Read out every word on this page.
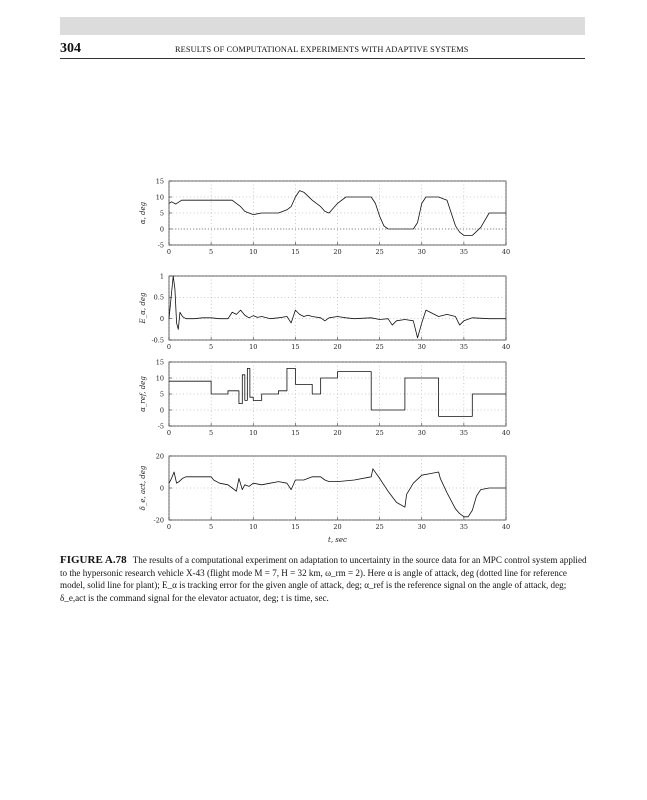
304	RESULTS OF COMPUTATIONAL EXPERIMENTS WITH ADAPTIVE SYSTEMS
0	5	10	15	20	25	30	35	40
15
10
5
0
-5
α, deg
0	5	10	15	20	25	30	35	40
1
0.5
0
-0.5
E_α, deg
0	5	10	15	20	25	30	35	40
15
10
5
0
-5
α_ref, deg
0	5	10	15	20	25	30	35	40
20
0
-20
δ_e, act, deg
t, sec
FIGURE A.78 The results of a computational experiment on adaptation to uncertainty in the source data for an MPC control system applied to the hypersonic research vehicle X-43 (flight mode M = 7, H = 32 km, ω_rm = 2). Here α is angle of attack, deg (dotted line for reference model, solid line for plant); E_α is tracking error for the given angle of attack, deg; α_ref is the reference signal on the angle of attack, deg; δ_e,act is the command signal for the elevator actuator, deg; t is time, sec.
